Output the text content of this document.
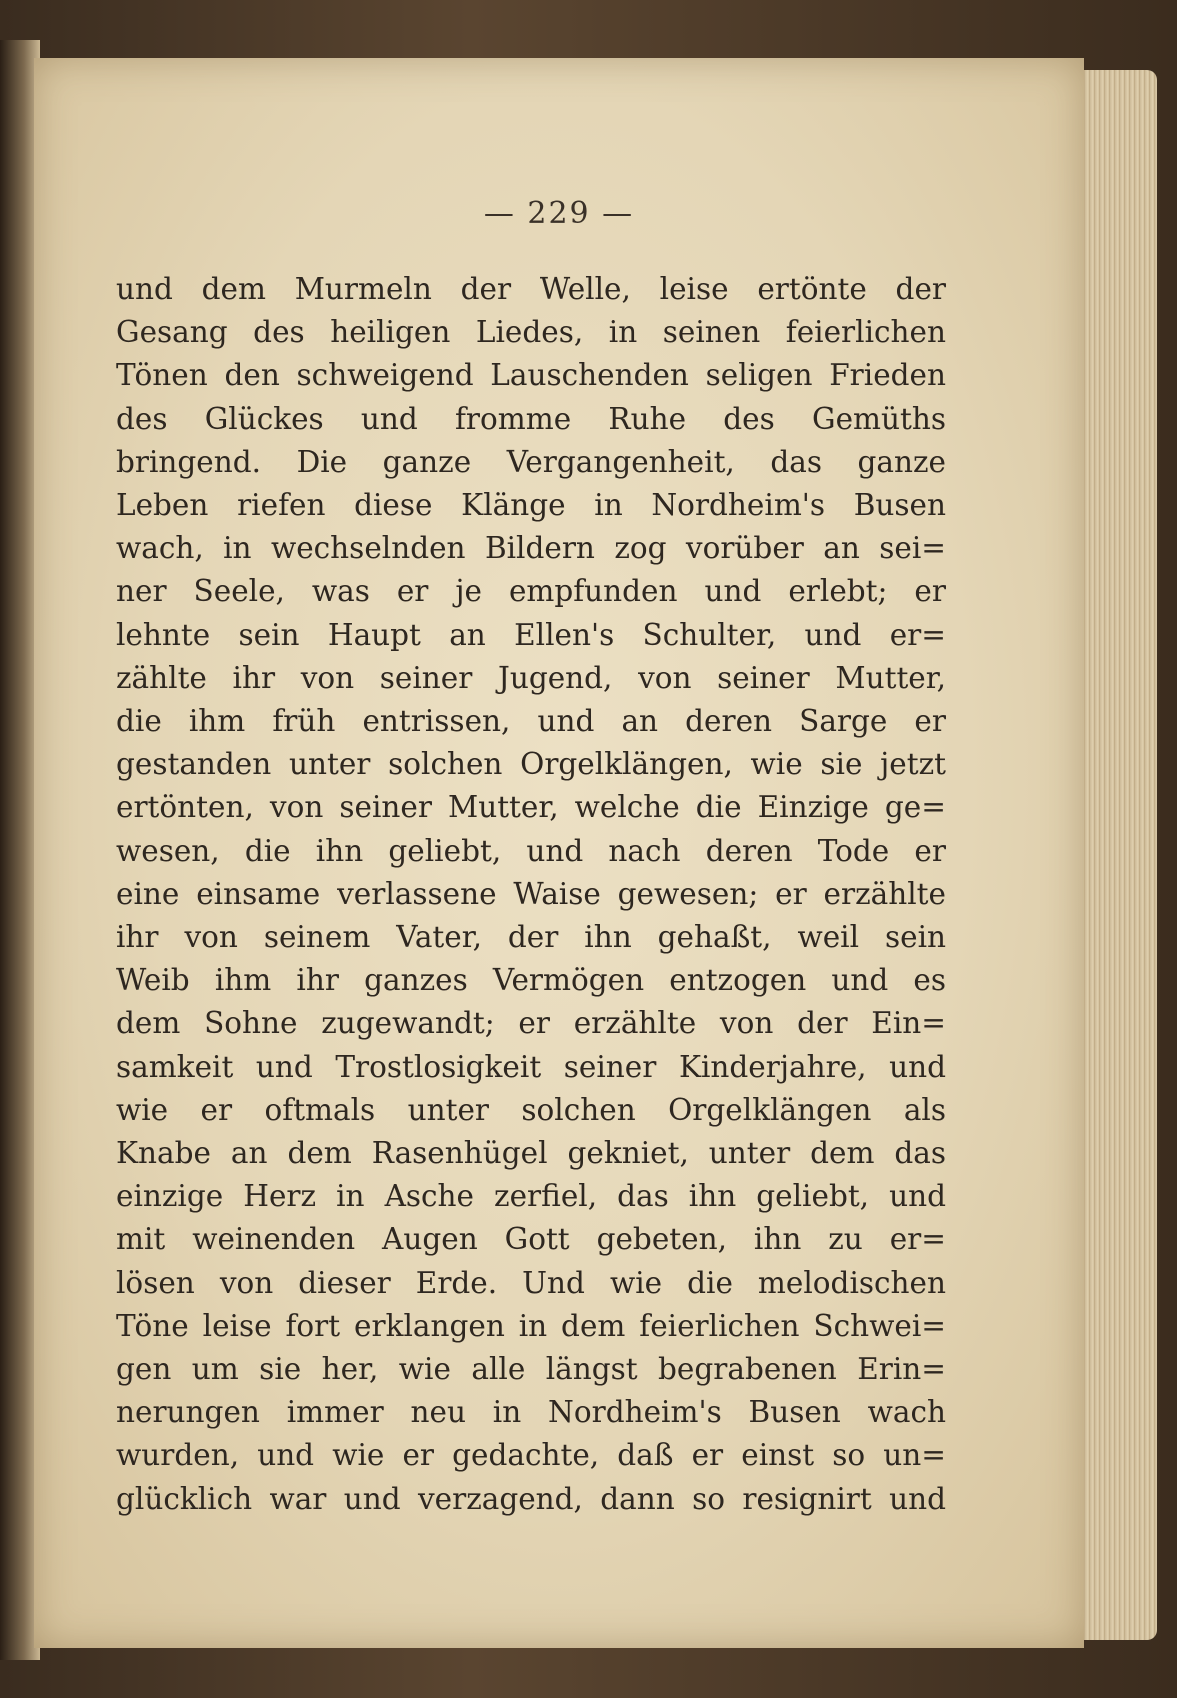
— 229 —
und dem Murmeln der Welle, leise ertönte der
Gesang des heiligen Liedes, in seinen feierlichen
Tönen den schweigend Lauschenden seligen Frieden
des Glückes und fromme Ruhe des Gemüths
bringend. Die ganze Vergangenheit, das ganze
Leben riefen diese Klänge in Nordheim's Busen
wach, in wechselnden Bildern zog vorüber an sei=
ner Seele, was er je empfunden und erlebt; er
lehnte sein Haupt an Ellen's Schulter, und er=
zählte ihr von seiner Jugend, von seiner Mutter,
die ihm früh entrissen, und an deren Sarge er
gestanden unter solchen Orgelklängen, wie sie jetzt
ertönten, von seiner Mutter, welche die Einzige ge=
wesen, die ihn geliebt, und nach deren Tode er
eine einsame verlassene Waise gewesen; er erzählte
ihr von seinem Vater, der ihn gehaßt, weil sein
Weib ihm ihr ganzes Vermögen entzogen und es
dem Sohne zugewandt; er erzählte von der Ein=
samkeit und Trostlosigkeit seiner Kinderjahre, und
wie er oftmals unter solchen Orgelklängen als
Knabe an dem Rasenhügel gekniet, unter dem das
einzige Herz in Asche zerfiel, das ihn geliebt, und
mit weinenden Augen Gott gebeten, ihn zu er=
lösen von dieser Erde. Und wie die melodischen
Töne leise fort erklangen in dem feierlichen Schwei=
gen um sie her, wie alle längst begrabenen Erin=
nerungen immer neu in Nordheim's Busen wach
wurden, und wie er gedachte, daß er einst so un=
glücklich war und verzagend, dann so resignirt und
